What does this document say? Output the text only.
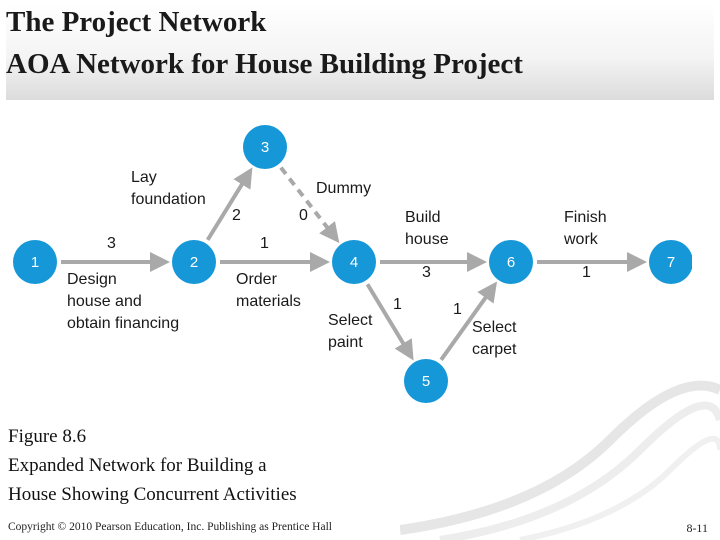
The Project Network
AOA Network for House Building Project
1	2
3
4
5
6	7
Design house and obtain financing
3
Lay foundation
2
Order materials
1
Dummy
0	Build house
3
Select paint
1
Select carpet
1
Finish work
1
Figure 8.6
Expanded Network for Building a
House Showing Concurrent Activities
Copyright © 2010 Pearson Education, Inc. Publishing as Prentice Hall	8-11
